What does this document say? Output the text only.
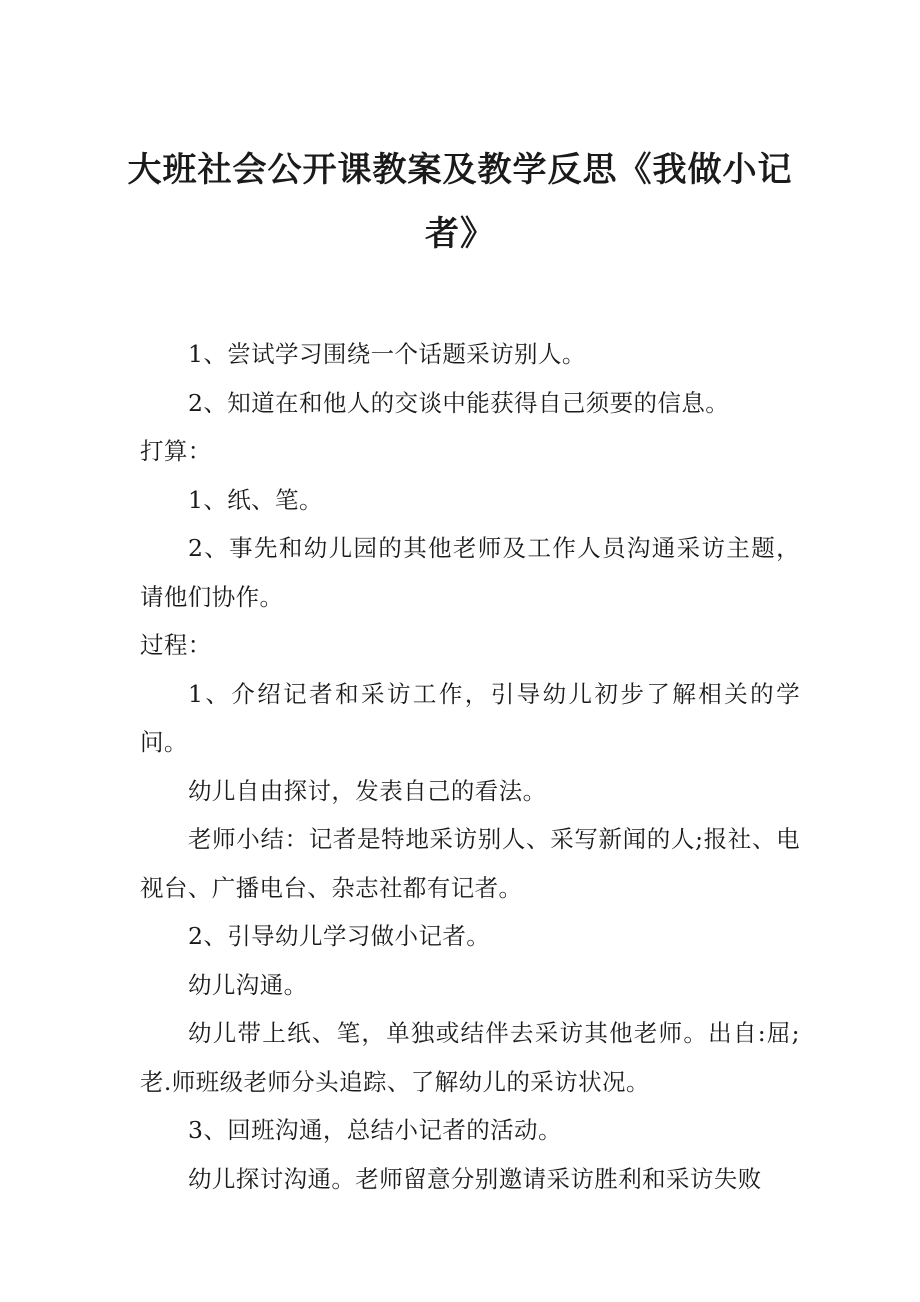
大班社会公开课教案及教学反思《我做小记者》

1、尝试学习围绕一个话题采访别人。

2、知道在和他人的交谈中能获得自己须要的信息。

打算：

1、纸、笔。

2、事先和幼儿园的其他老师及工作人员沟通采访主题，请他们协作。

过程：

1、介绍记者和采访工作，引导幼儿初步了解相关的学问。

幼儿自由探讨，发表自己的看法。

老师小结：记者是特地采访别人、采写新闻的人;报社、电视台、广播电台、杂志社都有记者。

2、引导幼儿学习做小记者。

幼儿沟通。

幼儿带上纸、笔，单独或结伴去采访其他老师。出自:屈;老.师班级老师分头追踪、了解幼儿的采访状况。

3、回班沟通，总结小记者的活动。

幼儿探讨沟通。老师留意分别邀请采访胜利和采访失败
